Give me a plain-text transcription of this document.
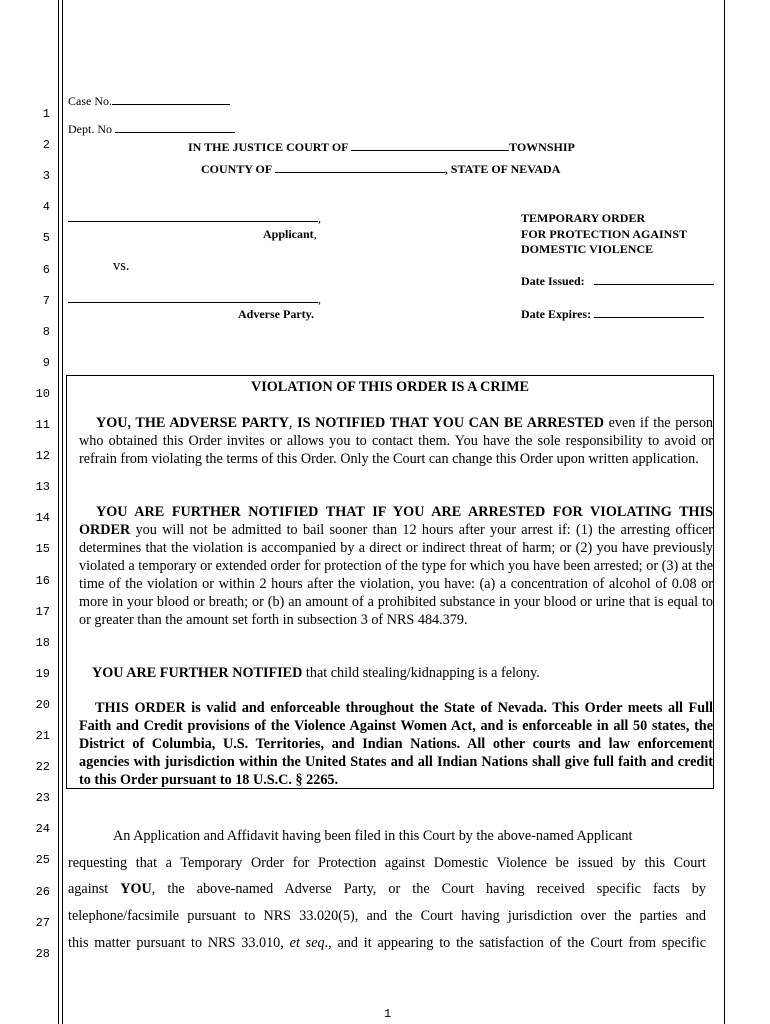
1
2
3
4
5
6
7
8
9
10
11
12
13
14
15
16
17
18
19
20
21
22
23
24
25
26
27
28
Case No.
Dept. No
IN THE JUSTICE COURT OF	TOWNSHIP
COUNTY OF	, STATE OF NEVADA
,
Applicant,
vs.
,
Adverse Party.
TEMPORARY ORDER
FOR PROTECTION AGAINST
DOMESTIC VIOLENCE
Date Issued:
Date Expires:
VIOLATION OF THIS ORDER IS A CRIME
YOU, THE ADVERSE PARTY, IS NOTIFIED THAT YOU CAN BE ARRESTED even if the person who obtained this Order invites or allows you to contact them. You have the sole responsibility to avoid or refrain from violating the terms of this Order. Only the Court can change this Order upon written application.
YOU ARE FURTHER NOTIFIED THAT IF YOU ARE ARRESTED FOR VIOLATING THIS ORDER you will not be admitted to bail sooner than 12 hours after your arrest if: (1) the arresting officer determines that the violation is accompanied by a direct or indirect threat of harm; or (2) you have previously violated a temporary or extended order for protection of the type for which you have been arrested; or (3) at the time of the violation or within 2 hours after the violation, you have: (a) a concentration of alcohol of 0.08 or more in your blood or breath; or (b) an amount of a prohibited substance in your blood or urine that is equal to or greater than the amount set forth in subsection 3 of NRS 484.379.
YOU ARE FURTHER NOTIFIED that child stealing/kidnapping is a felony.
THIS ORDER is valid and enforceable throughout the State of Nevada. This Order meets all Full Faith and Credit provisions of the Violence Against Women Act, and is enforceable in all 50 states, the District of Columbia, U.S. Territories, and Indian Nations. All other courts and law enforcement agencies with jurisdiction within the United States and all Indian Nations shall give full faith and credit to this Order pursuant to 18 U.S.C. § 2265.
An Application and Affidavit having been filed in this Court by the above-named Applicant
requesting that a Temporary Order for Protection against Domestic Violence be issued by this Court
against YOU, the above-named Adverse Party, or the Court having received specific facts by
telephone/facsimile pursuant to NRS 33.020(5), and the Court having jurisdiction over the parties and
this matter pursuant to NRS 33.010, et seq., and it appearing to the satisfaction of the Court from specific
1
